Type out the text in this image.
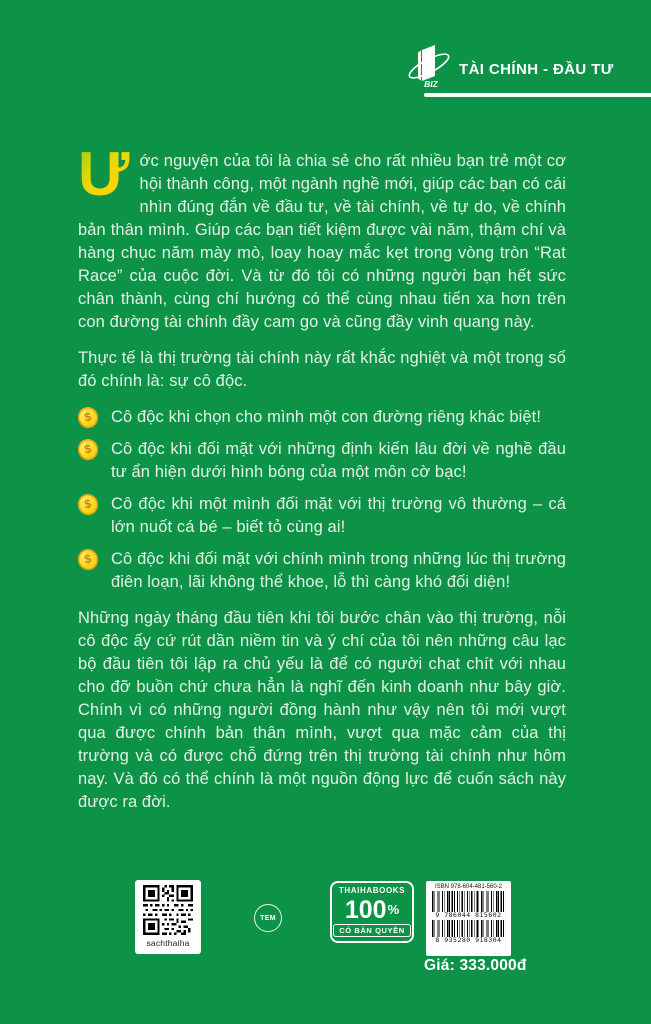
BIZ
TÀI CHÍNH - ĐẦU TƯ

Ư ớc nguyện của tôi là chia sẻ cho rất nhiều bạn trẻ một cơ hội thành công, một ngành nghề mới, giúp các bạn có cái nhìn đúng đắn về đầu tư, về tài chính, về tự do, về chính bản thân mình. Giúp các bạn tiết kiệm được vài năm, thậm chí và hàng chục năm mày mò, loay hoay mắc kẹt trong vòng tròn “Rat Race” của cuộc đời. Và từ đó tôi có những người bạn hết sức chân thành, cùng chí hướng có thể cùng nhau tiến xa hơn trên con đường tài chính đầy cam go và cũng đầy vinh quang này.

Thực tế là thị trường tài chính này rất khắc nghiệt và một trong số đó chính là: sự cô độc.

$
Cô độc khi chọn cho mình một con đường riêng khác biệt!
$
Cô độc khi đối mặt với những định kiến lâu đời về nghề đầu tư ẩn hiện dưới hình bóng của một môn cờ bạc!
$
Cô độc khi một mình đối mặt với thị trường vô thường – cá lớn nuốt cá bé – biết tỏ cùng ai!
$
Cô độc khi đối mặt với chính mình trong những lúc thị trường điên loạn, lãi không thể khoe, lỗ thì càng khó đối diện!

Những ngày tháng đầu tiên khi tôi bước chân vào thị trường, nỗi cô độc ấy cứ rút dần niềm tin và ý chí của tôi nên những câu lạc bộ đầu tiên tôi lập ra chủ yếu là để có người chat chít với nhau cho đỡ buồn chứ chưa hẳn là nghĩ đến kinh doanh như bây giờ. Chính vì có những người đồng hành như vậy nên tôi mới vượt qua được chính bản thân mình, vượt qua mặc cảm của thị trường và có được chỗ đứng trên thị trường tài chính như hôm nay. Và đó có thể chính là một nguồn động lực để cuốn sách này được ra đời.

sachthaiha
TEM
THAIHABOOKS
100 %
CÓ BẢN QUYỀN
ISBN 978-604-481-560-2
9 786044 815602
8 935280 918304
Giá: 333.000đ
